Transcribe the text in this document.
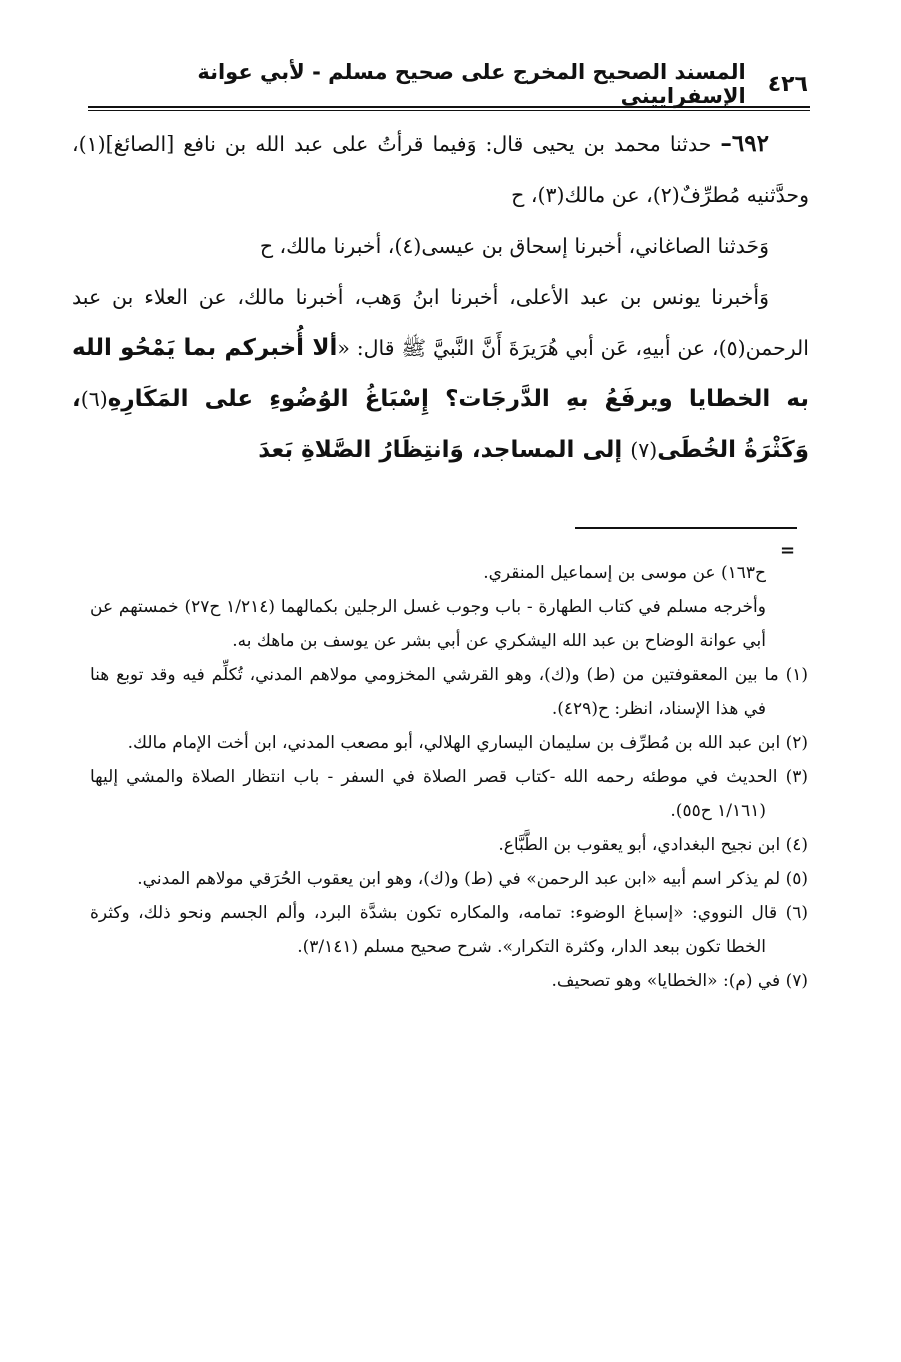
٤٢٦
المسند الصحيح المخرج على صحيح مسلم - لأبي عوانة الإسفراييني

٦٩٢– حدثنا محمد بن يحيى قال: وَفيما قرأتُ على عبد الله بن نافع [الصائغ](١)، وحدَّثنيه مُطرِّفٌ(٢)، عن مالك(٣)، ح

وَحَدثنا الصاغاني، أخبرنا إسحاق بن عيسى(٤)، أخبرنا مالك، ح

وَأخبرنا يونس بن عبد الأعلى، أخبرنا ابنُ وَهب، أخبرنا مالك، عن العلاء بن عبد الرحمن(٥)، عن أبيهِ، عَن أبي هُرَيرَةَ أَنَّ النَّبيَّ ﷺ قال: «ألا أُخبركم بما يَمْحُو الله به الخطايا ويرفَعُ بهِ الدَّرجَات؟ إِسْبَاغُ الوُضُوءِ على المَكَارِهِ(٦)، وَكَثْرَةُ الخُطَى(٧) إلى المساجد، وَانتِظَارُ الصَّلاةِ بَعدَ

=

ح١٦٣) عن موسى بن إسماعيل المنقري.

وأخرجه مسلم في كتاب الطهارة - باب وجوب غسل الرجلين بكمالهما (١/٢١٤ ح٢٧) خمستهم عن أبي عوانة الوضاح بن عبد الله اليشكري عن أبي بشر عن يوسف بن ماهك به.

(١) ما بين المعقوفتين من (ط) و(ك)، وهو القرشي المخزومي مولاهم المدني، تُكلِّم فيه وقد توبع هنا في هذا الإسناد، انظر: ح(٤٢٩).

(٢) ابن عبد الله بن مُطرِّف بن سليمان اليساري الهلالي، أبو مصعب المدني، ابن أخت الإمام مالك.

(٣) الحديث في موطئه رحمه الله -كتاب قصر الصلاة في السفر - باب انتظار الصلاة والمشي إليها (١/١٦١ ح٥٥).

(٤) ابن نجيح البغدادي، أبو يعقوب بن الطَّبَّاع.

(٥) لم يذكر اسم أبيه «ابن عبد الرحمن» في (ط) و(ك)، وهو ابن يعقوب الحُرَقي مولاهم المدني.

(٦) قال النووي: «إسباغ الوضوء: تمامه، والمكاره تكون بشدَّة البرد، وألم الجسم ونحو ذلك، وكثرة الخطا تكون ببعد الدار، وكثرة التكرار». شرح صحيح مسلم (٣/١٤١).

(٧) في (م): «الخطايا» وهو تصحيف.
